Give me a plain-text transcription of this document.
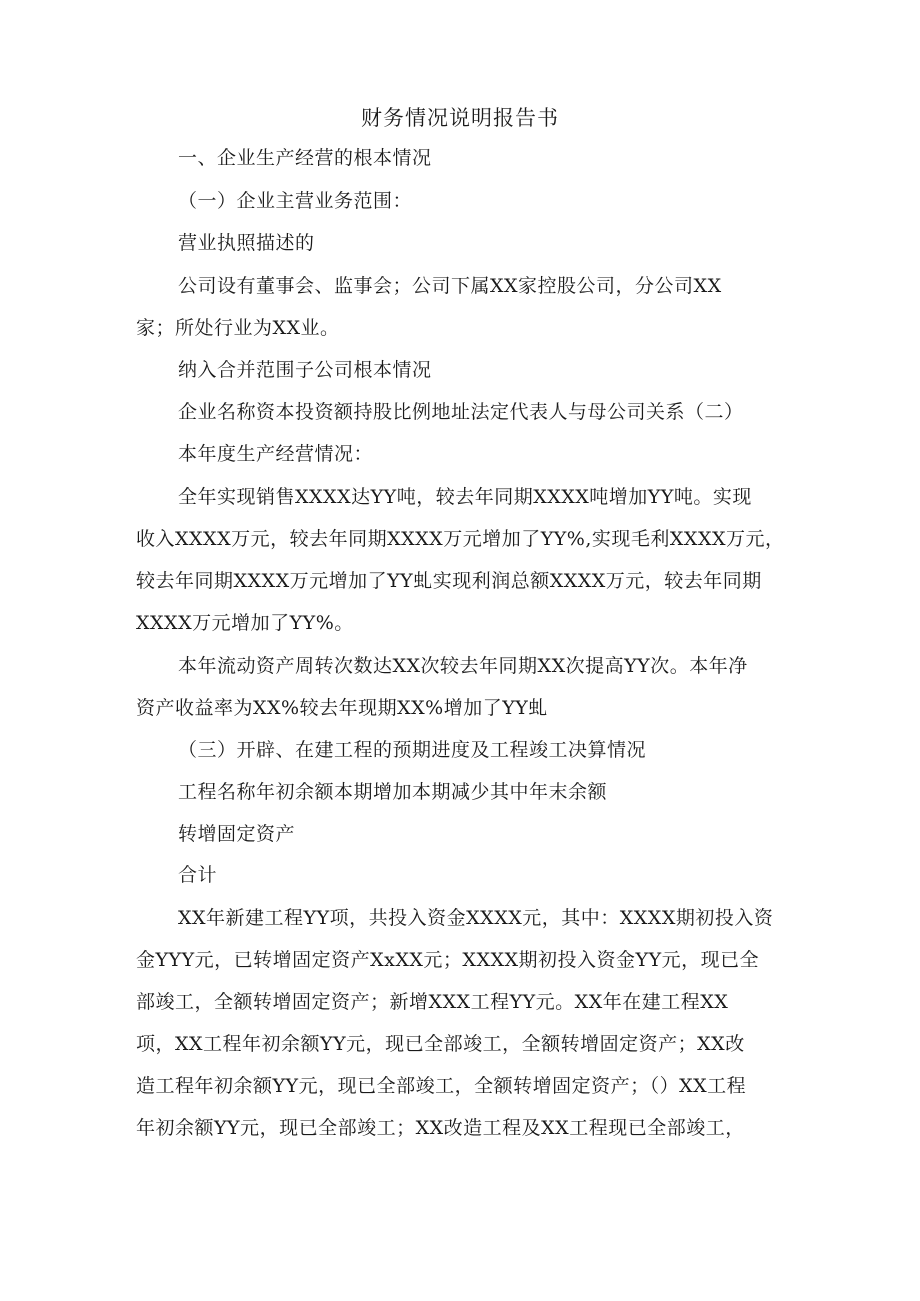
财务情况说明报告书
一、企业生产经营的根本情况
（一）企业主营业务范围：
营业执照描述的
公司设有董事会、监事会；公司下属XX家控股公司，分公司XX
家；所处行业为XX业。
纳入合并范围子公司根本情况
企业名称资本投资额持股比例地址法定代表人与母公司关系（二）
本年度生产经营情况：
全年实现销售XXXX达YY吨，较去年同期XXXX吨增加YY吨。实现
收入XXXX万元，较去年同期XXXX万元增加了YY%,实现毛利XXXX万元，
较去年同期XXXX万元增加了YY虬实现利润总额XXXX万元，较去年同期
XXXX万元增加了YY%。
本年流动资产周转次数达XX次较去年同期XX次提高YY次。本年净
资产收益率为XX%较去年现期XX%增加了YY虬
（三）开辟、在建工程的预期进度及工程竣工决算情况
工程名称年初余额本期增加本期减少其中年末余额
转增固定资产
合计
XX年新建工程YY项，共投入资金XXXX元，其中：XXXX期初投入资
金YYY元，已转增固定资产XxXX元；XXXX期初投入资金YY元，现已全
部竣工，全额转增固定资产；新增XXX工程YY元。XX年在建工程XX
项，XX工程年初余额YY元，现已全部竣工，全额转增固定资产；XX改
造工程年初余额YY元，现已全部竣工，全额转增固定资产；（）XX工程
年初余额YY元，现已全部竣工；XX改造工程及XX工程现已全部竣工，
